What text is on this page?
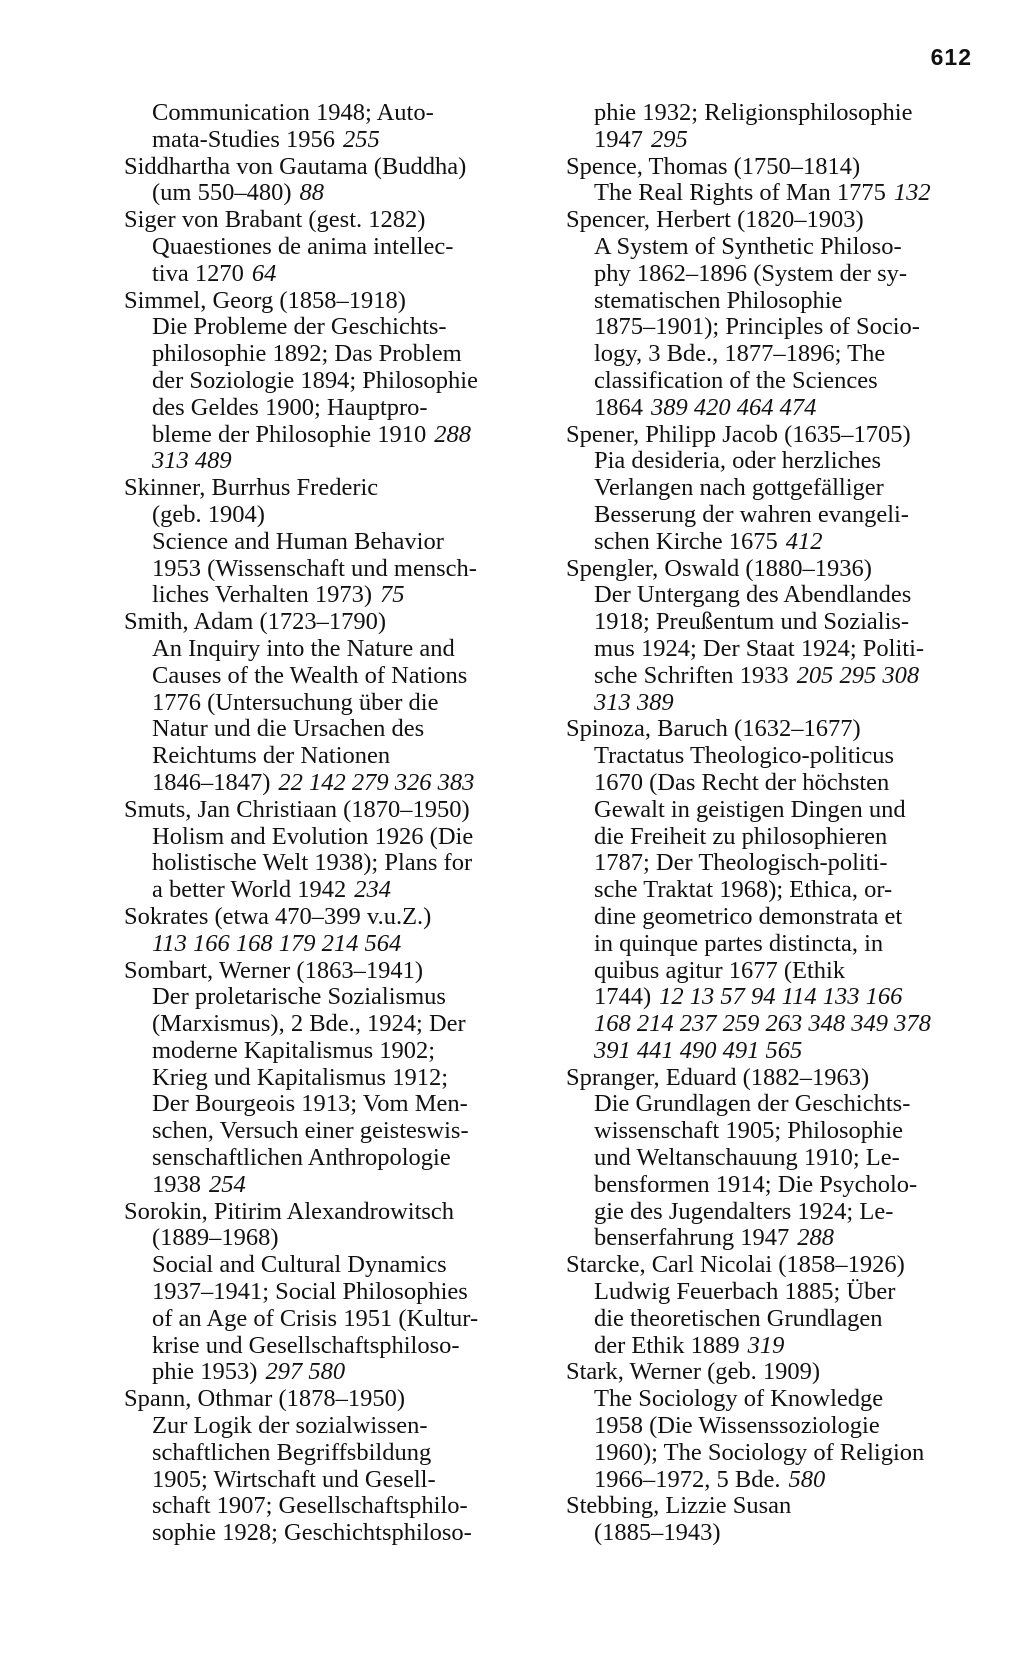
612
Communication 1948; Auto-
mata-Studies 1956 255
Siddhartha von Gautama (Buddha)
(um 550–480) 88
Siger von Brabant (gest. 1282)
Quaestiones de anima intellec-
tiva 1270 64
Simmel, Georg (1858–1918)
Die Probleme der Geschichts-
philosophie 1892; Das Problem
der Soziologie 1894; Philosophie
des Geldes 1900; Hauptpro-
bleme der Philosophie 1910 288
313 489
Skinner, Burrhus Frederic
(geb. 1904)
Science and Human Behavior
1953 (Wissenschaft und mensch-
liches Verhalten 1973) 75
Smith, Adam (1723–1790)
An Inquiry into the Nature and
Causes of the Wealth of Nations
1776 (Untersuchung über die
Natur und die Ursachen des
Reichtums der Nationen
1846–1847) 22 142 279 326 383
Smuts, Jan Christiaan (1870–1950)
Holism and Evolution 1926 (Die
holistische Welt 1938); Plans for
a better World 1942 234
Sokrates (etwa 470–399 v.u.Z.)
113 166 168 179 214 564
Sombart, Werner (1863–1941)
Der proletarische Sozialismus
(Marxismus), 2 Bde., 1924; Der
moderne Kapitalismus 1902;
Krieg und Kapitalismus 1912;
Der Bourgeois 1913; Vom Men-
schen, Versuch einer geisteswis-
senschaftlichen Anthropologie
1938 254
Sorokin, Pitirim Alexandrowitsch
(1889–1968)
Social and Cultural Dynamics
1937–1941; Social Philosophies
of an Age of Crisis 1951 (Kultur-
krise und Gesellschaftsphiloso-
phie 1953) 297 580
Spann, Othmar (1878–1950)
Zur Logik der sozialwissen-
schaftlichen Begriffsbildung
1905; Wirtschaft und Gesell-
schaft 1907; Gesellschaftsphilo-
sophie 1928; Geschichtsphiloso-
phie 1932; Religionsphilosophie
1947 295
Spence, Thomas (1750–1814)
The Real Rights of Man 1775 132
Spencer, Herbert (1820–1903)
A System of Synthetic Philoso-
phy 1862–1896 (System der sy-
stematischen Philosophie
1875–1901); Principles of Socio-
logy, 3 Bde., 1877–1896; The
classification of the Sciences
1864 389 420 464 474
Spener, Philipp Jacob (1635–1705)
Pia desideria, oder herzliches
Verlangen nach gottgefälliger
Besserung der wahren evangeli-
schen Kirche 1675 412
Spengler, Oswald (1880–1936)
Der Untergang des Abendlandes
1918; Preußentum und Sozialis-
mus 1924; Der Staat 1924; Politi-
sche Schriften 1933 205 295 308
313 389
Spinoza, Baruch (1632–1677)
Tractatus Theologico-politicus
1670 (Das Recht der höchsten
Gewalt in geistigen Dingen und
die Freiheit zu philosophieren
1787; Der Theologisch-politi-
sche Traktat 1968); Ethica, or-
dine geometrico demonstrata et
in quinque partes distincta, in
quibus agitur 1677 (Ethik
1744) 12 13 57 94 114 133 166
168 214 237 259 263 348 349 378
391 441 490 491 565
Spranger, Eduard (1882–1963)
Die Grundlagen der Geschichts-
wissenschaft 1905; Philosophie
und Weltanschauung 1910; Le-
bensformen 1914; Die Psycholo-
gie des Jugendalters 1924; Le-
benserfahrung 1947 288
Starcke, Carl Nicolai (1858–1926)
Ludwig Feuerbach 1885; Über
die theoretischen Grundlagen
der Ethik 1889 319
Stark, Werner (geb. 1909)
The Sociology of Knowledge
1958 (Die Wissenssoziologie
1960); The Sociology of Religion
1966–1972, 5 Bde. 580
Stebbing, Lizzie Susan
(1885–1943)
